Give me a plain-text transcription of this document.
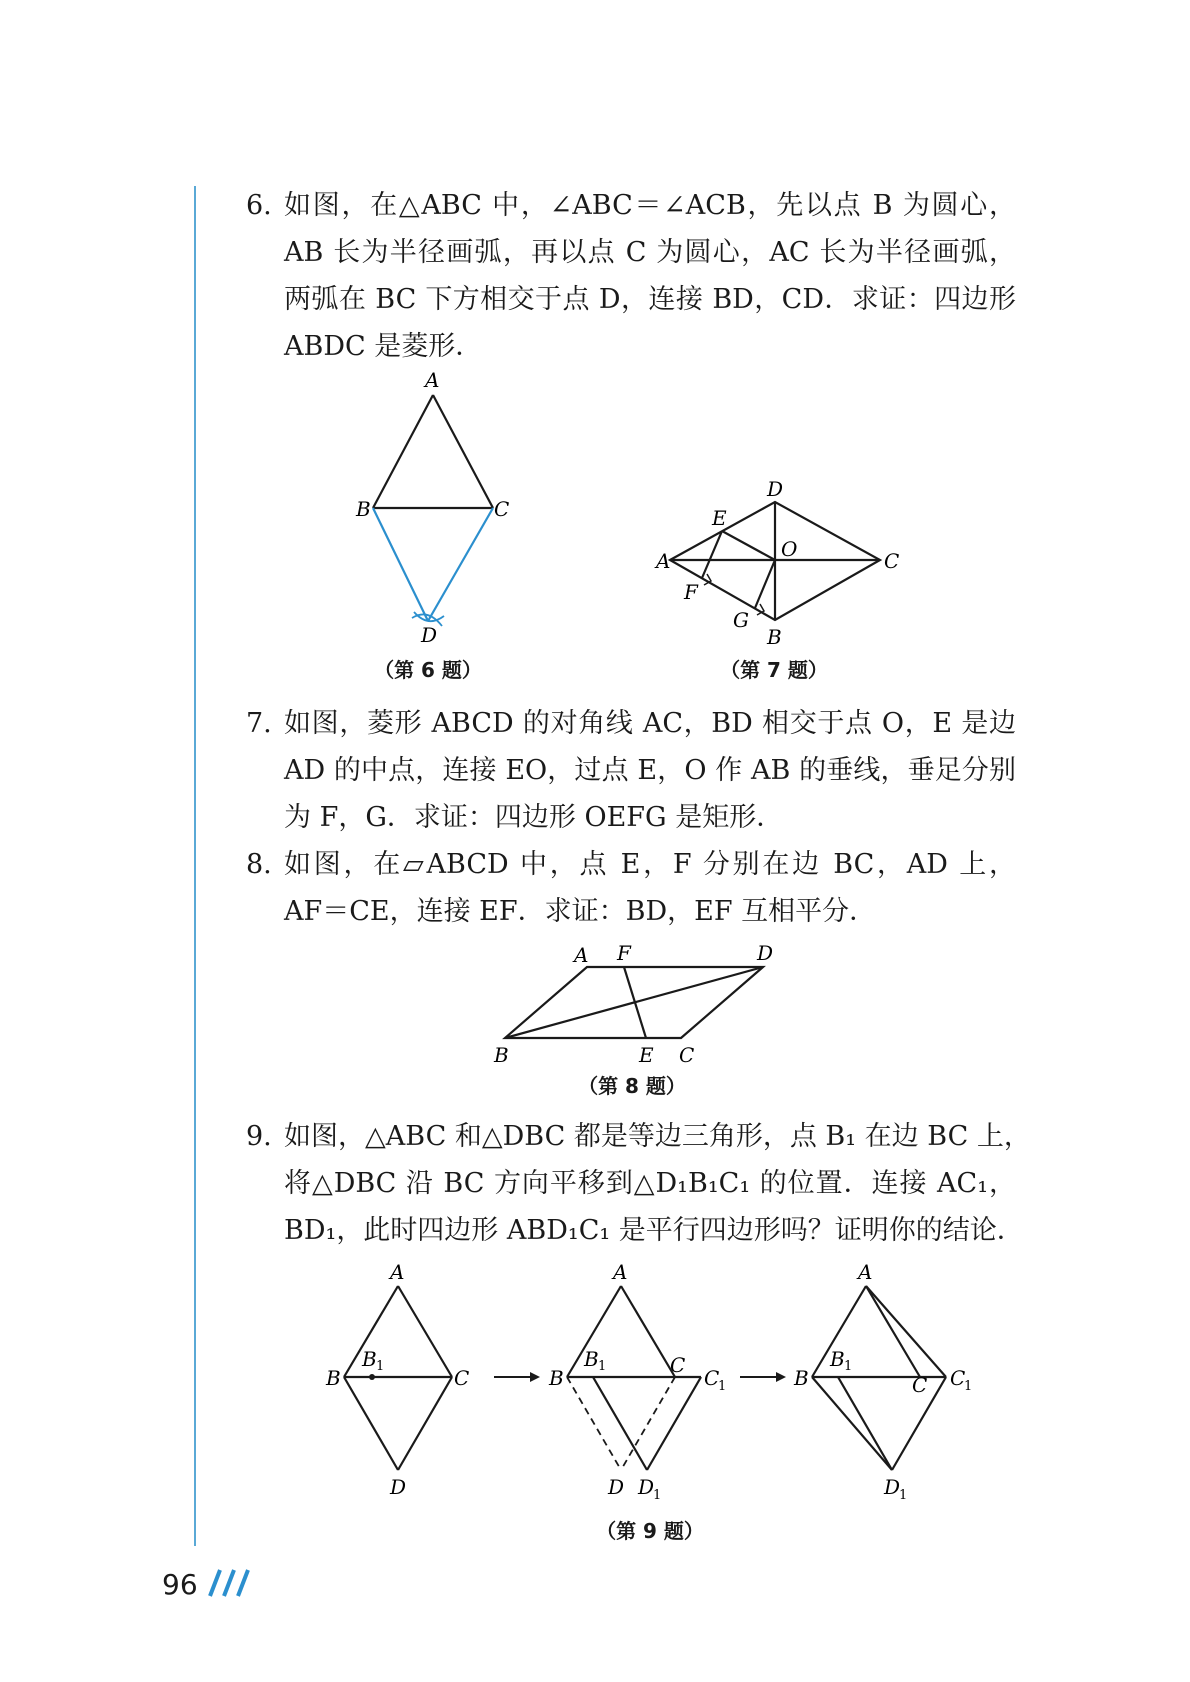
6. 如图，在△ABC 中，∠ABC＝∠ACB，先以点 B 为圆心，
AB 长为半径画弧，再以点 C 为圆心，AC 长为半径画弧，
两弧在 BC 下方相交于点 D，连接 BD，CD．求证：四边形
ABDC 是菱形．
A
B	C
D
A
D
C
B
E
F
G
O
A F	D
B	E C
A
B	C
D
B 1
A
B
B 1	C
C
1
D D
1
A
B
B 1
C C
1
D
1
（第 6 题）	（第 7 题）
7. 如图，菱形 ABCD 的对角线 AC，BD 相交于点 O，E 是边
AD 的中点，连接 EO，过点 E，O 作 AB 的垂线，垂足分别
为 F，G．求证：四边形 OEFG 是矩形．
8. 如图，在▱ABCD 中，点 E，F 分别在边 BC，AD 上，
AF＝CE，连接 EF．求证：BD，EF 互相平分．
（第 8 题）
9. 如图，△ABC 和△DBC 都是等边三角形，点 B₁ 在边 BC 上，
将△DBC 沿 BC 方向平移到△D₁B₁C₁ 的位置．连接 AC₁，
BD₁，此时四边形 ABD₁C₁ 是平行四边形吗？证明你的结论．
（第 9 题）
96
